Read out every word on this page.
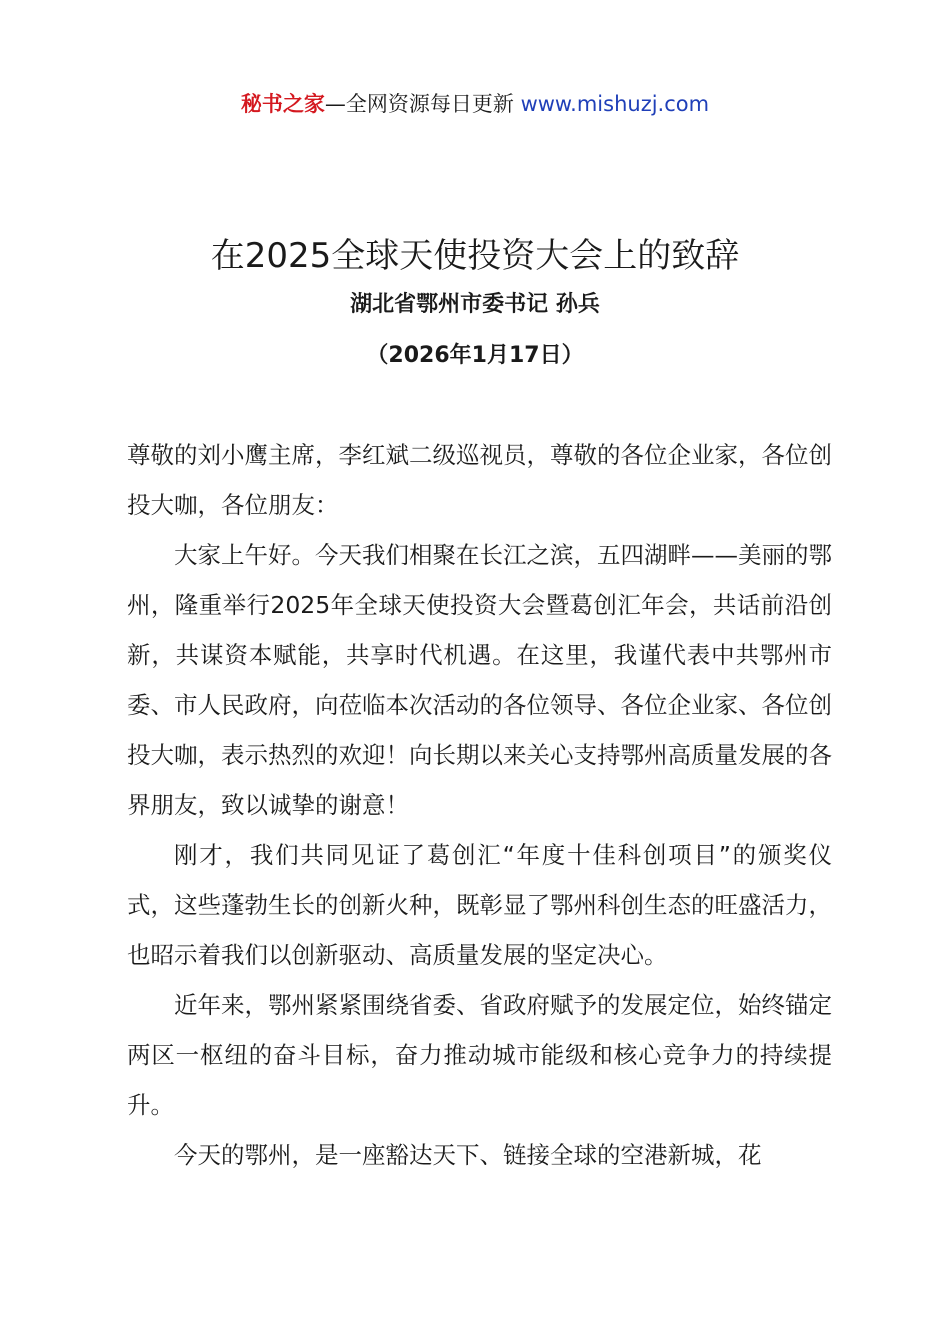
秘书之家—全网资源每日更新 www.mishuzj.com
在2025全球天使投资大会上的致辞
湖北省鄂州市委书记 孙兵
（2026年1月17日）

尊敬的刘小鹰主席，李红斌二级巡视员，尊敬的各位企业家，各位创投大咖，各位朋友：

大家上午好。今天我们相聚在长江之滨，五四湖畔——美丽的鄂州，隆重举行2025年全球天使投资大会暨葛创汇年会，共话前沿创新，共谋资本赋能，共享时代机遇。在这里，我谨代表中共鄂州市委、市人民政府，向莅临本次活动的各位领导、各位企业家、各位创投大咖，表示热烈的欢迎！向长期以来关心支持鄂州高质量发展的各界朋友，致以诚挚的谢意！

刚才，我们共同见证了葛创汇“年度十佳科创项目”的颁奖仪式，这些蓬勃生长的创新火种，既彰显了鄂州科创生态的旺盛活力，也昭示着我们以创新驱动、高质量发展的坚定决心。

近年来，鄂州紧紧围绕省委、省政府赋予的发展定位，始终锚定两区一枢纽的奋斗目标，奋力推动城市能级和核心竞争力的持续提升。

今天的鄂州，是一座豁达天下、链接全球的空港新城，花
